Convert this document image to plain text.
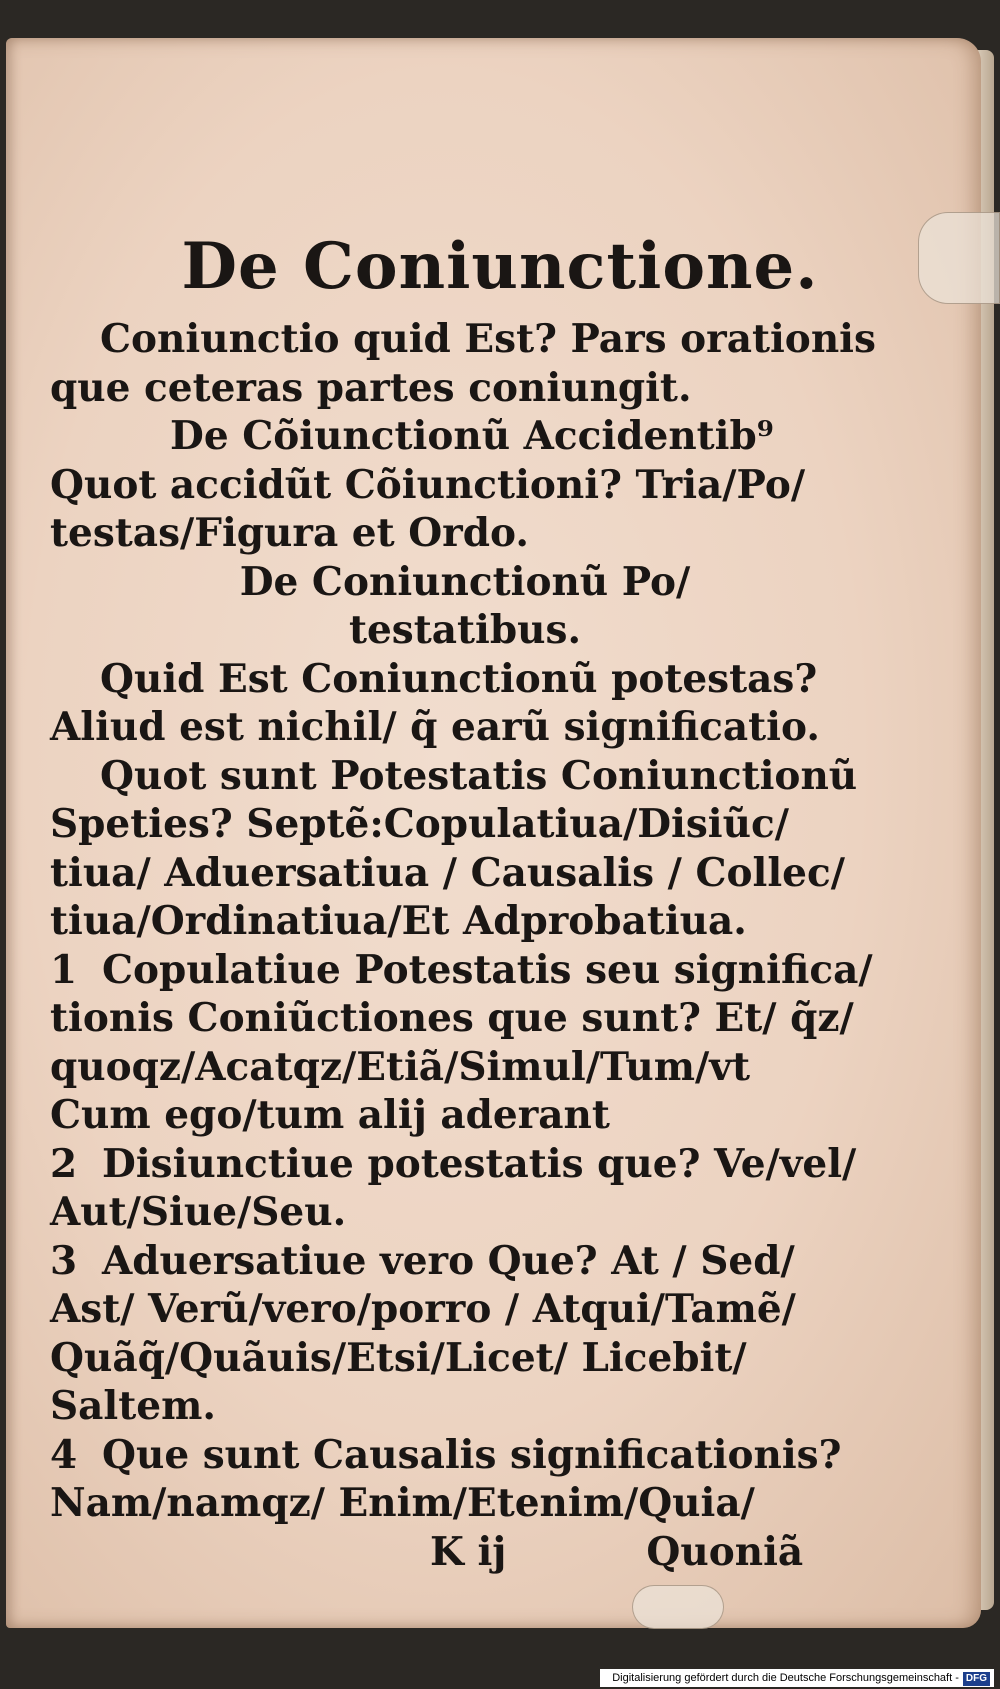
De Coniunctione.
Coniunctio quid Est? Pars orationis
que ceteras partes coniungit.
De Cõiunctionũ Accidentib⁹
Quot accidũt Cõiunctioni? Tria/Po/
testas/Figura et Ordo.
De Coniunctionũ Po/
testatibus.
Quid Est Coniunctionũ potestas?
Aliud est nichil/ q̃ earũ significatio.
Quot sunt Potestatis Coniunctionũ
Speties? Septẽ:Copulatiua/Disiũc/
tiua/ Aduersatiua / Causalis / Collec/
tiua/Ordinatiua/Et Adprobatiua.
1 Copulatiue Potestatis seu significa/
tionis Coniũctiones que sunt? Et/ q̃z/
quoqz/Acatqz/Etiã/Simul/Tum/vt
Cum ego/tum alij aderant
2 Disiunctiue potestatis que? Ve/vel/
Aut/Siue/Seu.
3 Aduersatiue vero Que? At / Sed/
Ast/ Verũ/vero/porro / Atqui/Tamẽ/
Quãq̃/Quãuis/Etsi/Licet/ Licebit/
Saltem.
4 Que sunt Causalis significationis?
Nam/namqz/ Enim/Etenim/Quia/
K ij	Quoniã
Digitalisierung gefördert durch die Deutsche Forschungsgemeinschaft - DFG
